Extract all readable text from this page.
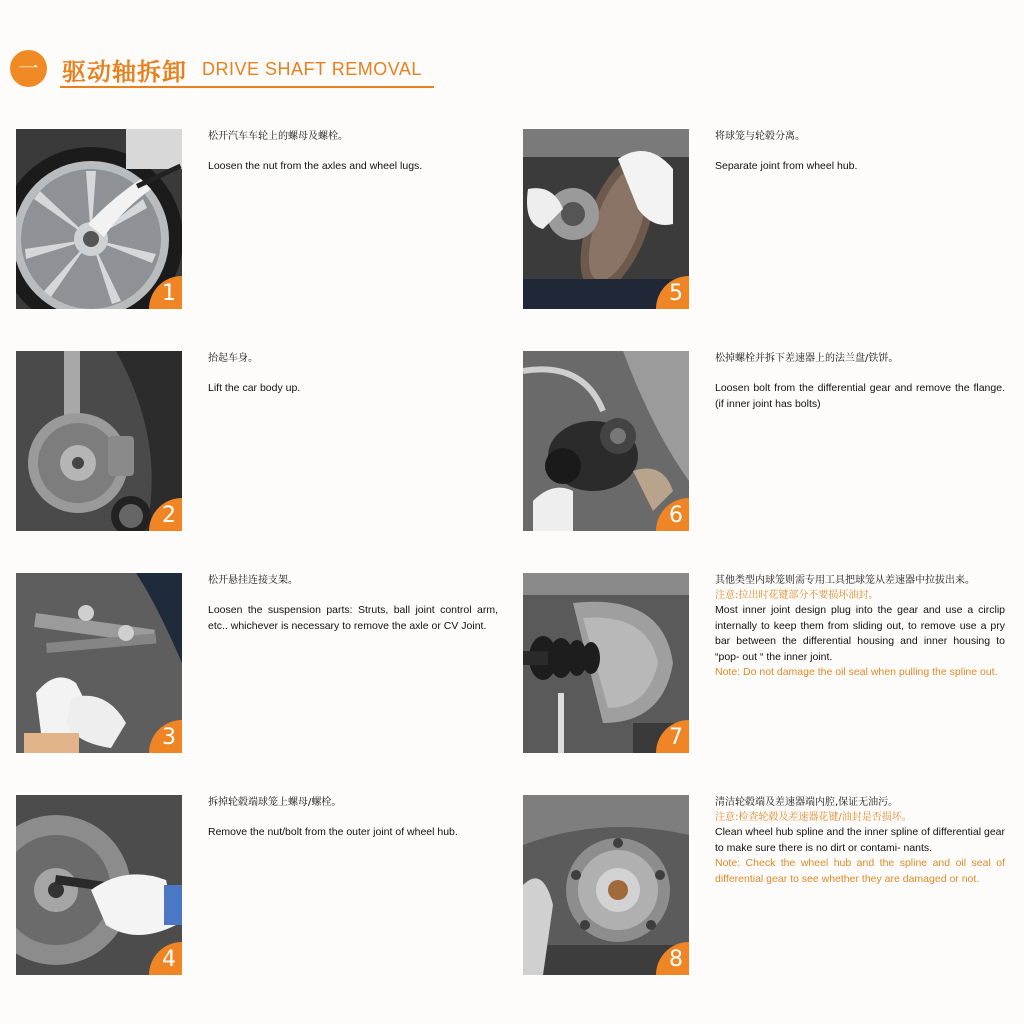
一 驱动轴拆卸 DRIVE SHAFT REMOVAL
1
松开汽车车轮上的螺母及螺栓。
Loosen the nut from the axles and wheel lugs.
2
抬起车身。
Lift the car body up.
3
松开悬挂连接支架。
Loosen the suspension parts: Struts, ball joint control arm, etc.. whichever is necessary to remove the axle or CV Joint.
4
拆掉轮毂端球笼上螺母/螺栓。
Remove the nut/bolt from the outer joint of wheel hub.
5
将球笼与轮毂分离。
Separate joint from wheel hub.
6
松掉螺栓并拆下差速器上的法兰盘/铁饼。
Loosen bolt from the differential gear and remove the flange. (if inner joint has bolts)
7
其他类型内球笼则需专用工具把球笼从差速器中拉拔出来。
注意:拉出时花键部分不要损坏油封。
Most inner joint design plug into the gear and use a circlip internally to keep them from sliding out, to remove use a pry bar between the differential housing and inner housing to “pop- out “ the inner joint.
Note: Do not damage the oil seal when pulling the spline out.
8
清洁轮毂端及差速器端内腔,保证无油污。
注意:检查轮毂及差速器花键/油封是否损坏。
Clean wheel hub spline and the inner spline of differential gear to make sure there is no dirt or contami- nants.
Note: Check the wheel hub and the spline and oil seal of differential gear to see whether they are damaged or not.
